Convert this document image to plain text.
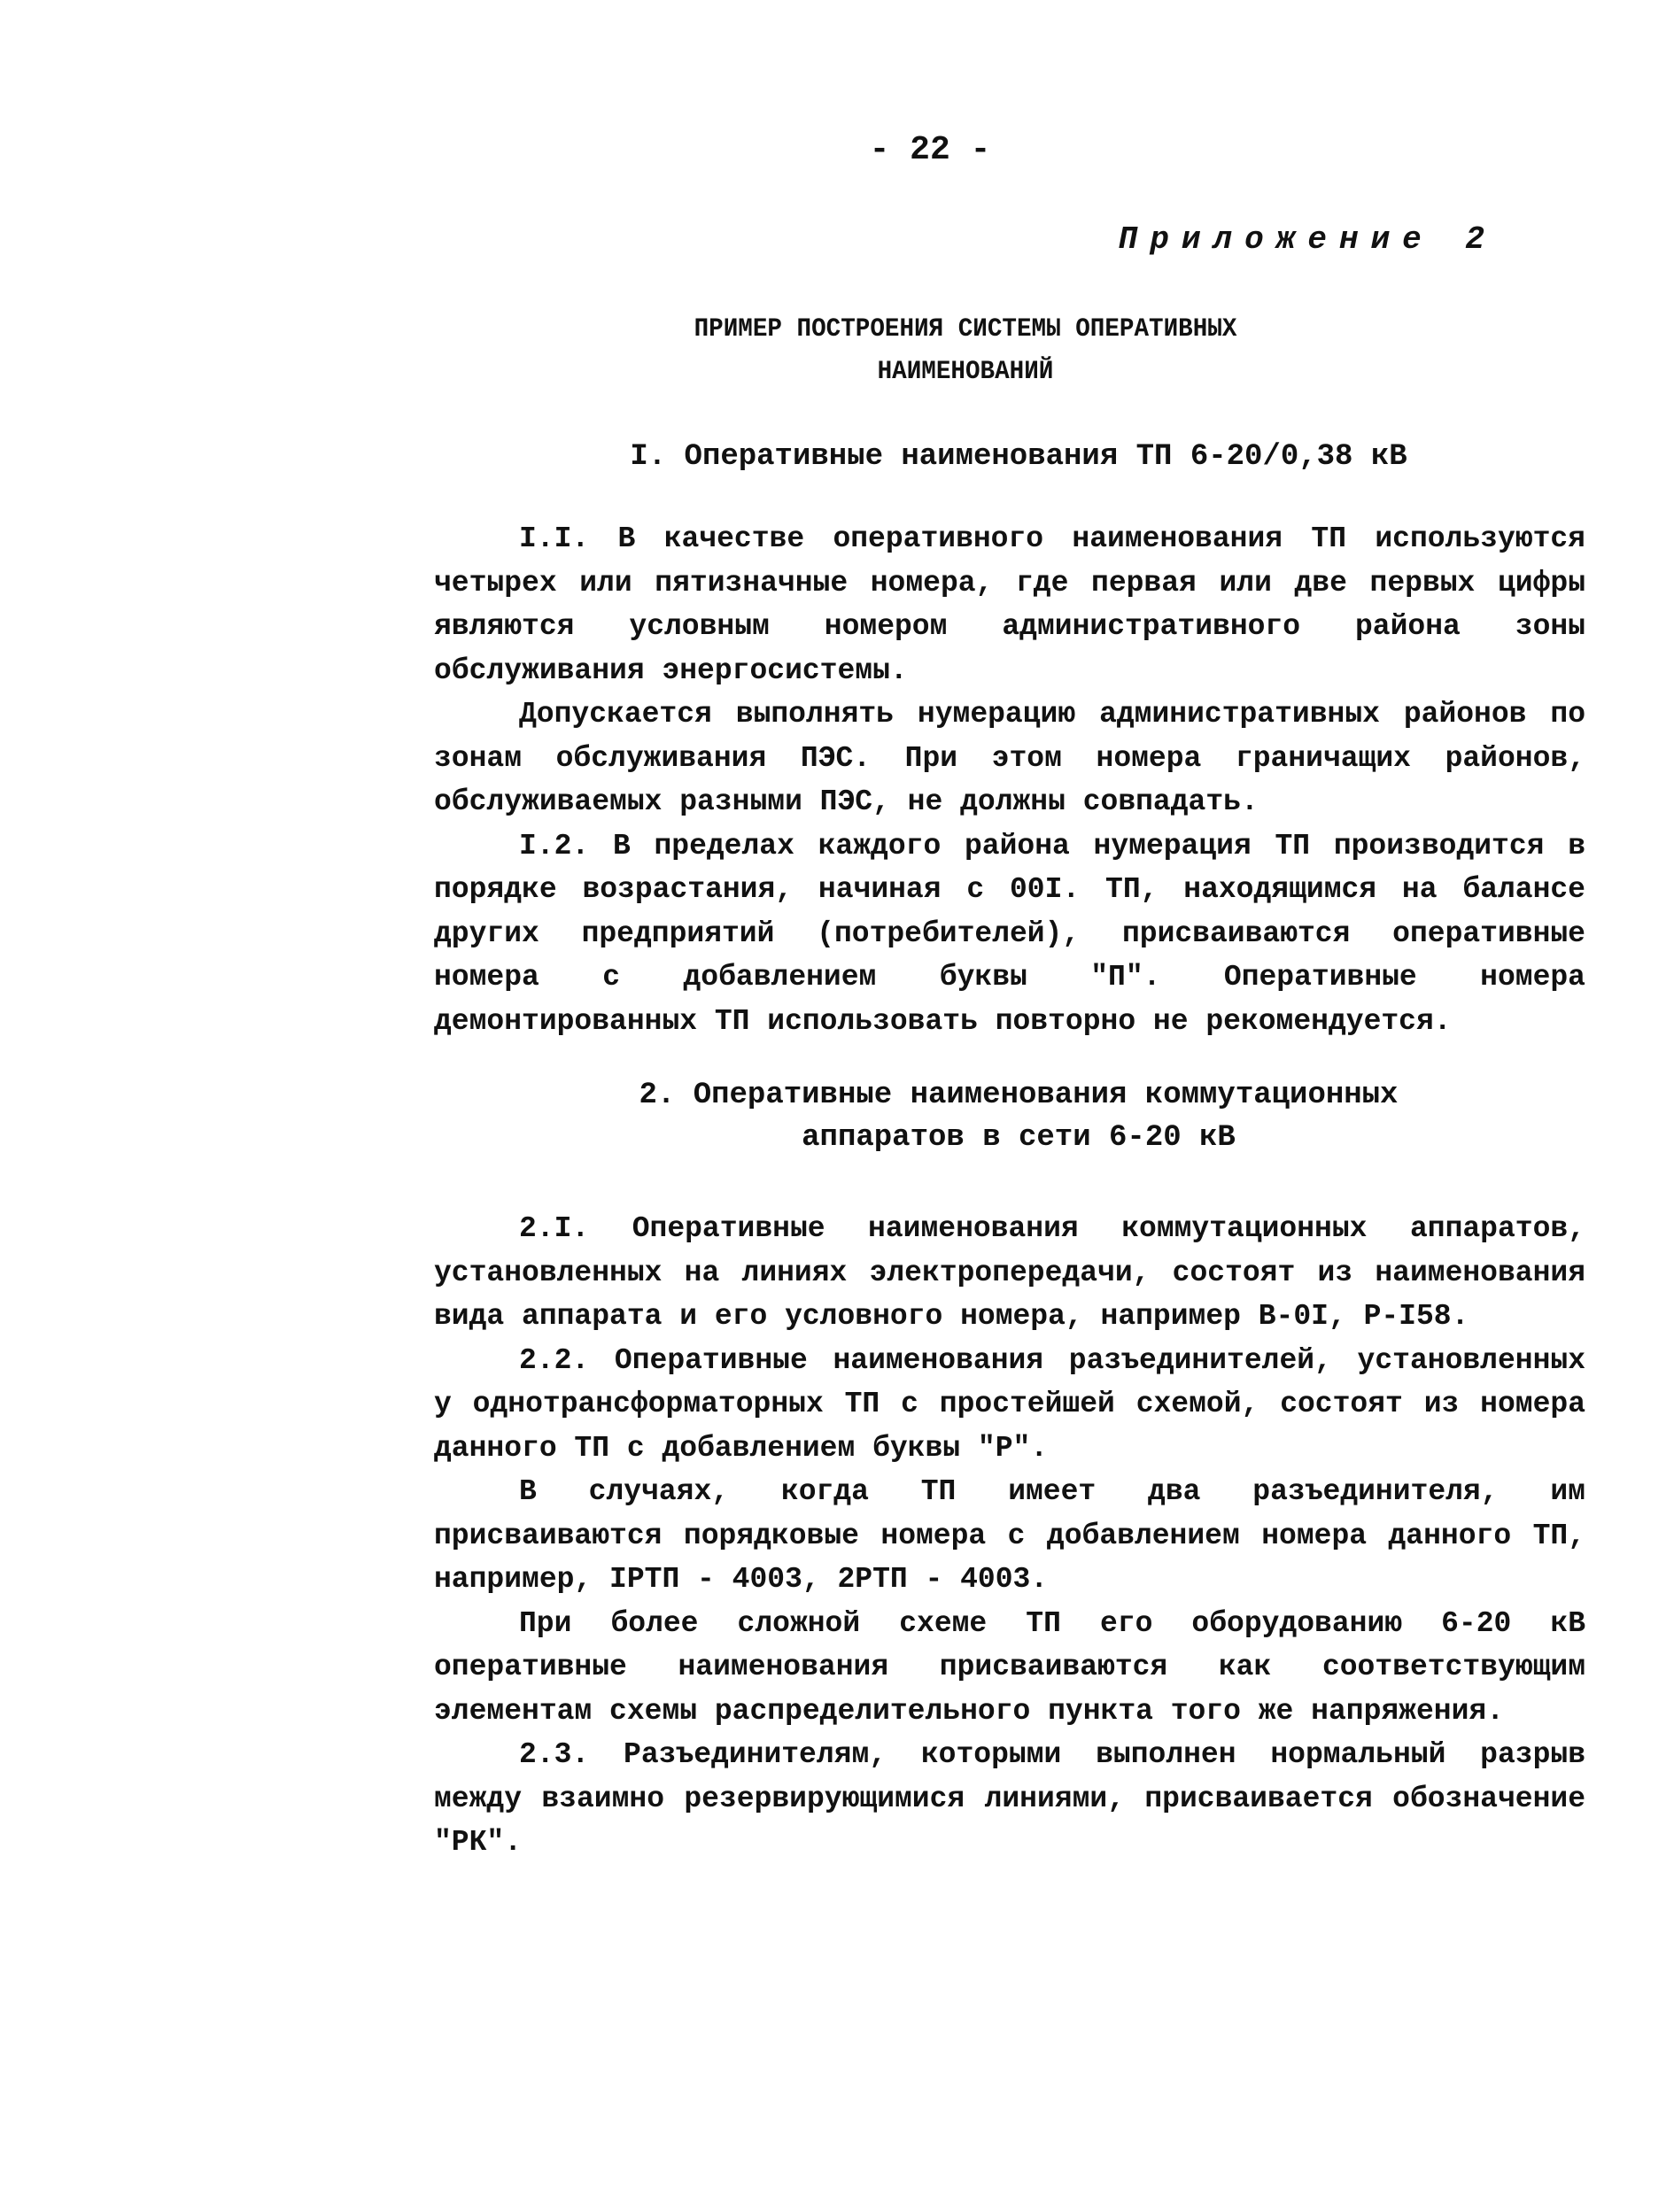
- 22 -
Приложение 2
ПРИМЕР ПОСТРОЕНИЯ СИСТЕМЫ ОПЕРАТИВНЫХ
НАИМЕНОВАНИЙ
I. Оперативные наименования ТП 6-20/0,38 кВ

I.I. В качестве оперативного наименования ТП используются четырех или пятизначные номера, где первая или две первых цифры являются условным номером административного района зоны обслуживания энергосистемы.

Допускается выполнять нумерацию административных районов по зонам обслуживания ПЭС. При этом номера граничащих районов, обслуживаемых разными ПЭС, не должны совпадать.

I.2. В пределах каждого района нумерация ТП производится в порядке возрастания, начиная с 00I. ТП, находящимся на балансе других предприятий (потребителей), присваиваются оперативные номера с добавлением буквы "П". Оперативные номера демонтированных ТП использовать повторно не рекомендуется.

2. Оперативные наименования коммутационных
аппаратов в сети 6-20 кВ

2.I. Оперативные наименования коммутационных аппаратов, установленных на линиях электропередачи, состоят из наименования вида аппарата и его условного номера, например В-0I, Р-I58.

2.2. Оперативные наименования разъединителей, установленных у однотрансформаторных ТП с простейшей схемой, состоят из номера данного ТП с добавлением буквы "Р".

В случаях, когда ТП имеет два разъединителя, им присваиваются порядковые номера с добавлением номера данного ТП, например, IРТП - 4003, 2РТП - 4003.

При более сложной схеме ТП его оборудованию 6-20 кВ оперативные наименования присваиваются как соответствующим элементам схемы распределительного пункта того же напряжения.

2.3. Разъединителям, которыми выполнен нормальный разрыв между взаимно резервирующимися линиями, присваивается обозначение "РК".
